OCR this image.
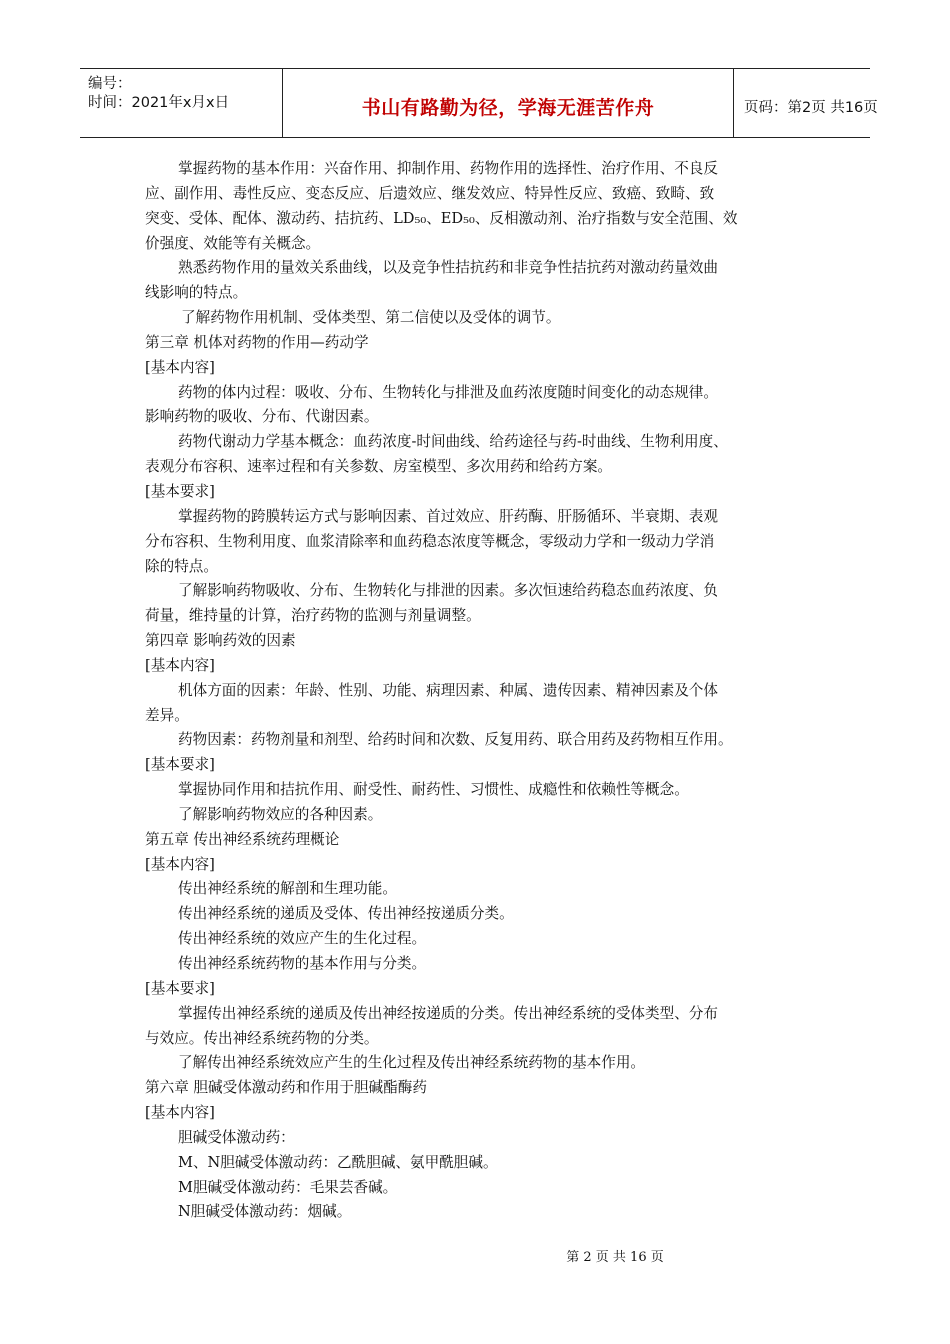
编号：
时间：2021年x月x日	书山有路勤为径，学海无涯苦作舟	页码：第2页 共16页
掌握药物的基本作用：兴奋作用、抑制作用、药物作用的选择性、治疗作用、不良反
应、副作用、毒性反应、变态反应、后遗效应、继发效应、特异性反应、致癌、致畸、致
突变、受体、配体、激动药、拮抗药、LD₅₀、ED₅₀、反相激动剂、治疗指数与安全范围、效
价强度、效能等有关概念。
熟悉药物作用的量效关系曲线，以及竞争性拮抗药和非竞争性拮抗药对激动药量效曲
线影响的特点。
了解药物作用机制、受体类型、第二信使以及受体的调节。
第三章 机体对药物的作用—药动学
[基本内容]
药物的体内过程：吸收、分布、生物转化与排泄及血药浓度随时间变化的动态规律。
影响药物的吸收、分布、代谢因素。
药物代谢动力学基本概念：血药浓度-时间曲线、给药途径与药-时曲线、生物利用度、
表观分布容积、速率过程和有关参数、房室模型、多次用药和给药方案。
[基本要求]
掌握药物的跨膜转运方式与影响因素、首过效应、肝药酶、肝肠循环、半衰期、表观
分布容积、生物利用度、血浆清除率和血药稳态浓度等概念，零级动力学和一级动力学消
除的特点。
了解影响药物吸收、分布、生物转化与排泄的因素。多次恒速给药稳态血药浓度、负
荷量，维持量的计算，治疗药物的监测与剂量调整。
第四章 影响药效的因素
[基本内容]
机体方面的因素：年龄、性别、功能、病理因素、种属、遗传因素、精神因素及个体
差异。
药物因素：药物剂量和剂型、给药时间和次数、反复用药、联合用药及药物相互作用。
[基本要求]
掌握协同作用和拮抗作用、耐受性、耐药性、习惯性、成瘾性和依赖性等概念。
了解影响药物效应的各种因素。
第五章 传出神经系统药理概论
[基本内容]
传出神经系统的解剖和生理功能。
传出神经系统的递质及受体、传出神经按递质分类。
传出神经系统的效应产生的生化过程。
传出神经系统药物的基本作用与分类。
[基本要求]
掌握传出神经系统的递质及传出神经按递质的分类。传出神经系统的受体类型、分布
与效应。传出神经系统药物的分类。
了解传出神经系统效应产生的生化过程及传出神经系统药物的基本作用。
第六章 胆碱受体激动药和作用于胆碱酯酶药
[基本内容]
胆碱受体激动药：
M、N胆碱受体激动药：乙酰胆碱、氨甲酰胆碱。
M胆碱受体激动药：毛果芸香碱。
N胆碱受体激动药：烟碱。
第 2 页 共 16 页
